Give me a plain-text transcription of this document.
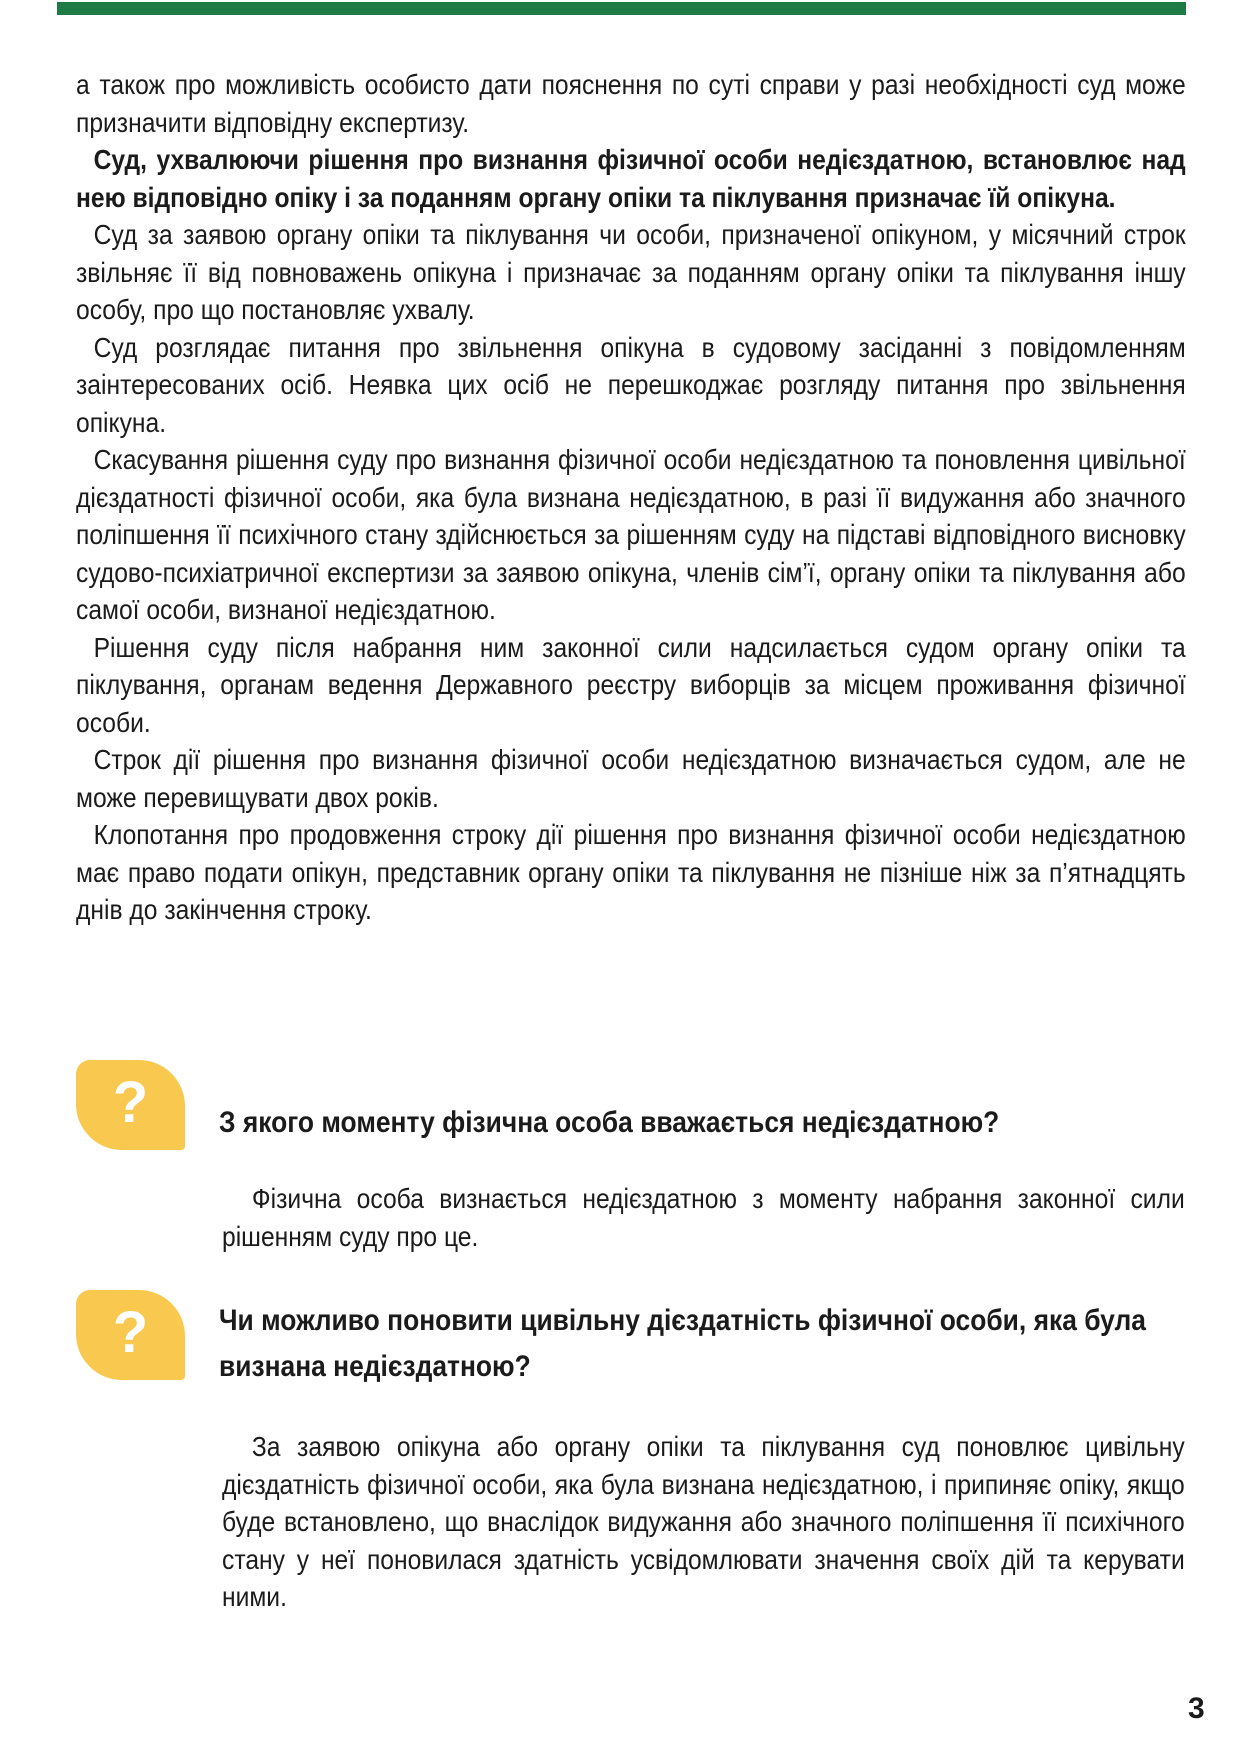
а також про можливість особисто дати пояснення по суті справи у разі необхідності суд може призначити відповідну експертизу.

Суд, ухвалюючи рішення про визнання фізичної особи недієздатною, встановлює над нею відповідно опіку і за поданням органу опіки та піклування призначає їй опікуна.

Суд за заявою органу опіки та піклування чи особи, призначеної опікуном, у місячний строк звільняє її від повноважень опікуна і призначає за поданням органу опіки та піклування іншу особу, про що постановляє ухвалу.

Суд розглядає питання про звільнення опікуна в судовому засіданні з повідомленням заінтересованих осіб. Неявка цих осіб не перешкоджає розгляду питання про звільнення опікуна.

Скасування рішення суду про визнання фізичної особи недієздатною та поновлення цивільної дієздатності фізичної особи, яка була визнана недієздатною, в разі її видужання або значного поліпшення її психічного стану здійснюється за рішенням суду на підставі відповідного висновку судово-психіатричної експертизи за заявою опікуна, членів сім’ї, органу опіки та піклування або самої особи, визнаної недієздатною.

Рішення суду після набрання ним законної сили надсилається судом органу опіки та піклування, органам ведення Державного реєстру виборців за місцем проживання фізичної особи.

Строк дії рішення про визнання фізичної особи недієздатною визначається судом, але не може перевищувати двох років.

Клопотання про продовження строку дії рішення про визнання фізичної особи недієздатною має право подати опікун, представник органу опіки та піклування не пізніше ніж за п’ятнадцять днів до закінчення строку.

? З якого моменту фізична особа вважається недієздатною?

Фізична особа визнається недієздатною з моменту набрання законної сили рішенням суду про це.

? Чи можливо поновити цивільну дієздатність фізичної особи, яка була визнана недієздатною?

За заявою опікуна або органу опіки та піклування суд поновлює цивільну дієздатність фізичної особи, яка була визнана недієздатною, і припиняє опіку, якщо буде встановлено, що внаслідок видужання або значного поліпшення її психічного стану у неї поновилася здатність усвідомлювати значення своїх дій та керувати ними.

3
